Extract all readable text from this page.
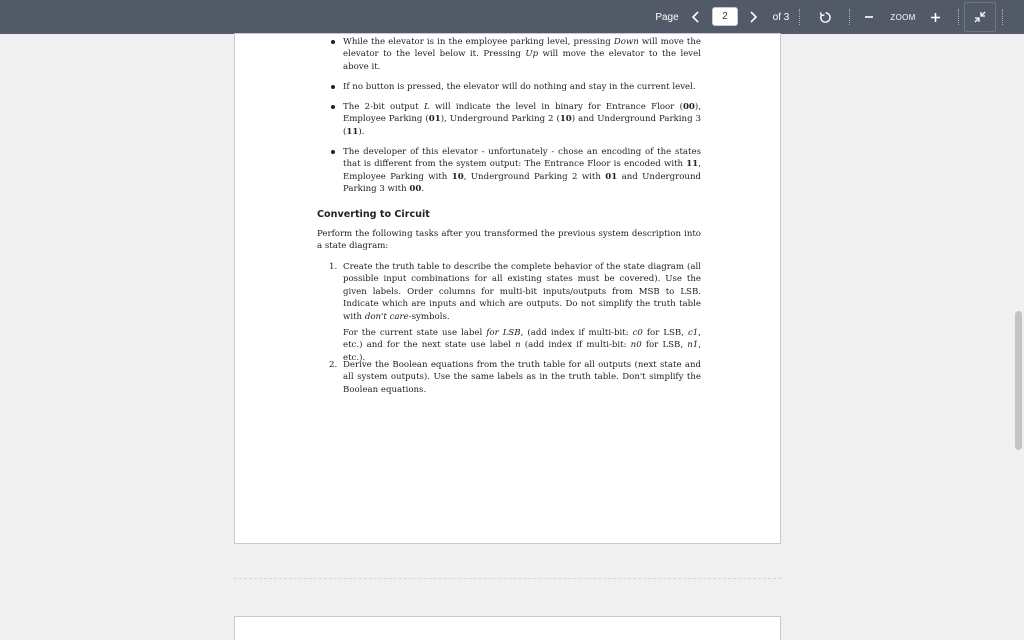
Page
2	of 3	ZOOM
While the elevator is in the employee parking level, pressing Down will move the elevator to the level below it. Pressing Up will move the elevator to the level above it.
If no button is pressed, the elevator will do nothing and stay in the current level.
The 2-bit output L will indicate the level in binary for Entrance Floor (00), Employee Parking (01), Underground Parking 2 (10) and Underground Parking 3 (11).
The developer of this elevator - unfortunately - chose an encoding of the states that is different from the system output: The Entrance Floor is encoded with 11, Employee Parking with 10, Underground Parking 2 with 01 and Underground Parking 3 with 00.
Converting to Circuit
Perform the following tasks after you transformed the previous system description into a state diagram:
1. Create the truth table to describe the complete behavior of the state diagram (all possible input combinations for all existing states must be covered). Use the given labels. Order columns for multi-bit inputs/outputs from MSB to LSB. Indicate which are inputs and which are outputs. Do not simplify the truth table with don't care-symbols.
For the current state use label for LSB, (add index if multi-bit: c0 for LSB, c1, etc.) and for the next state use label n (add index if multi-bit: n0 for LSB, n1, etc.).
2. Derive the Boolean equations from the truth table for all outputs (next state and all system outputs). Use the same labels as in the truth table. Don't simplify the Boolean equations.
